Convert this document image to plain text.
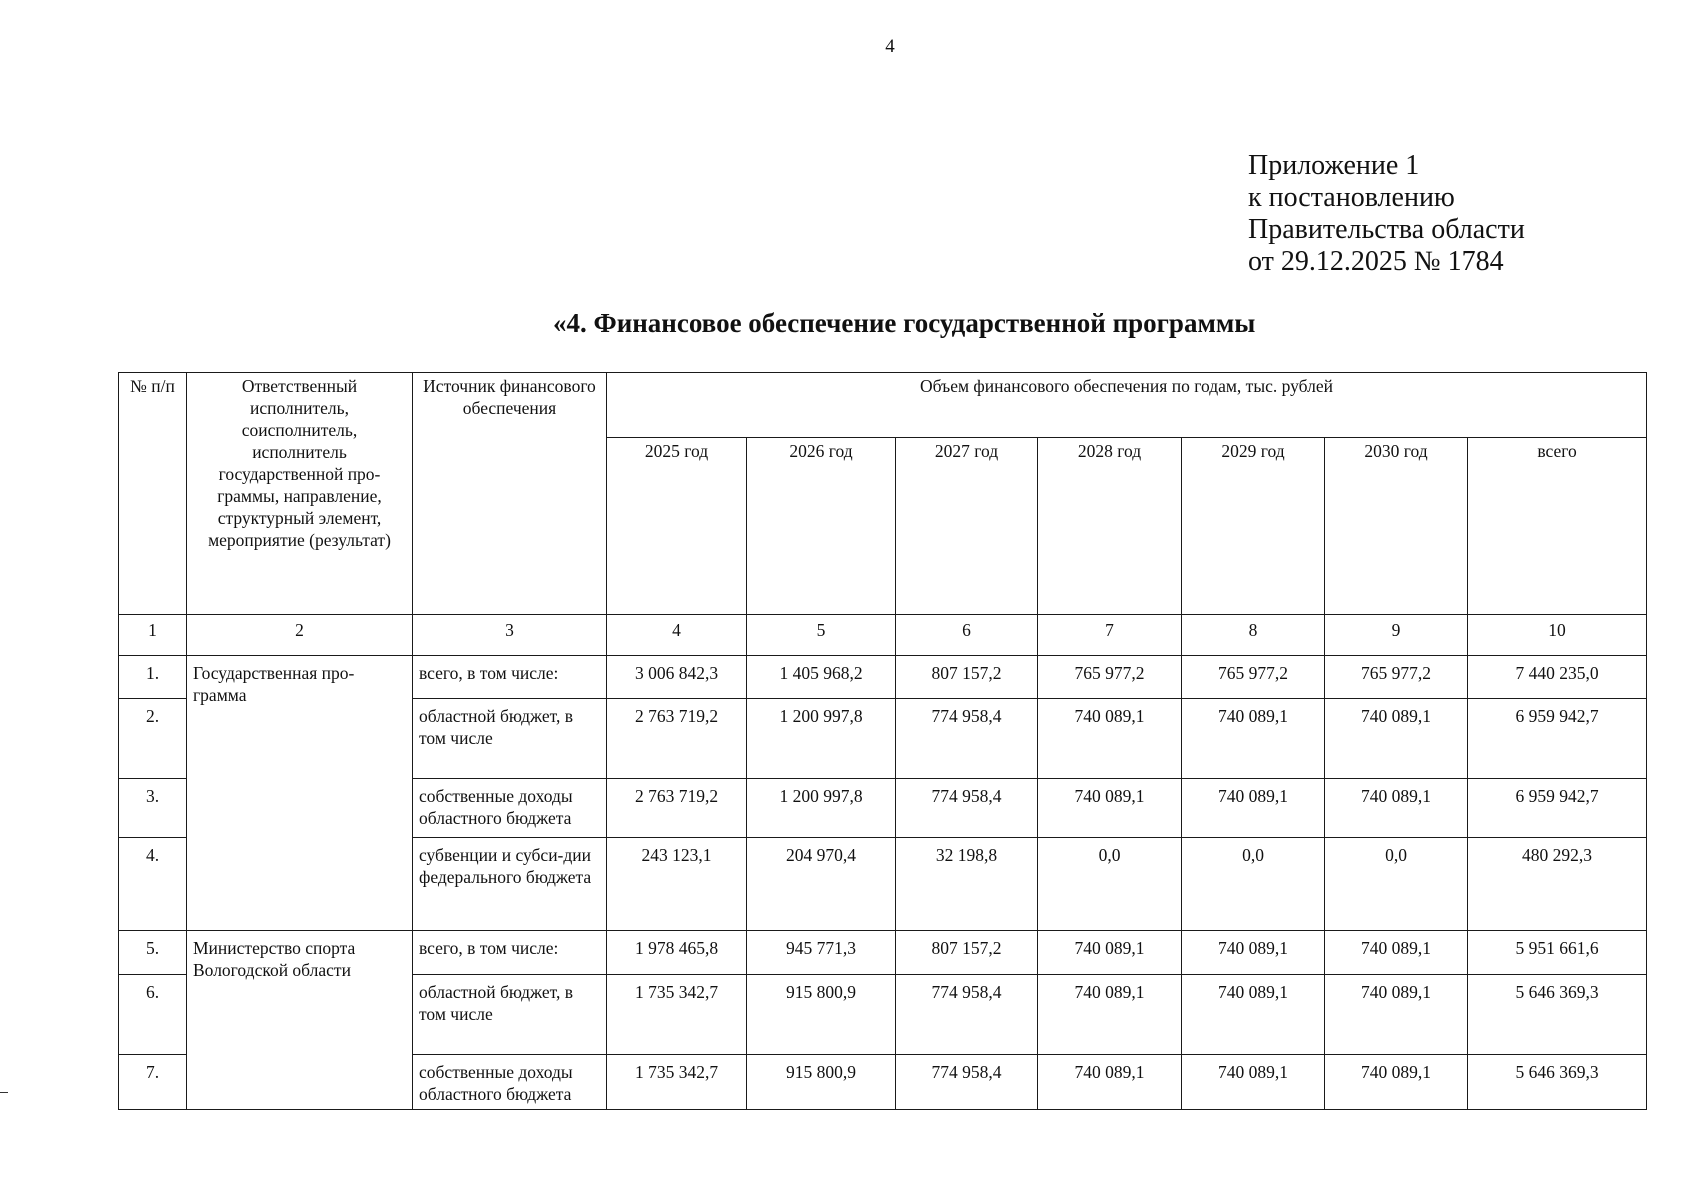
4
Приложение 1
к постановлению
Правительства области
от 29.12.2025 № 1784
«4. Финансовое обеспечение государственной программы
№ п/п	Ответственный исполнитель, соисполнитель, исполнитель государственной про-граммы, направление, структурный элемент, мероприятие (результат)	Источник финансового обеспечения	Объем финансового обеспечения по годам, тыс. рублей						
			2025 год	2026 год	2027 год	2028 год	2029 год	2030 год	всего
1	2	3	4	5	6	7	8	9	10
1.	Государственная про-грамма	всего, в том числе:	3 006 842,3	1 405 968,2	807 157,2	765 977,2	765 977,2	765 977,2	7 440 235,0
2.		областной бюджет, в том числе	2 763 719,2	1 200 997,8	774 958,4	740 089,1	740 089,1	740 089,1	6 959 942,7
3.		собственные доходы областного бюджета	2 763 719,2	1 200 997,8	774 958,4	740 089,1	740 089,1	740 089,1	6 959 942,7
4.		субвенции и субси-дии федерального бюджета	243 123,1	204 970,4	32 198,8	0,0	0,0	0,0	480 292,3
5.	Министерство спорта Вологодской области	всего, в том числе:	1 978 465,8	945 771,3	807 157,2	740 089,1	740 089,1	740 089,1	5 951 661,6
6.		областной бюджет, в том числе	1 735 342,7	915 800,9	774 958,4	740 089,1	740 089,1	740 089,1	5 646 369,3
7.		собственные доходы областного бюджета	1 735 342,7	915 800,9	774 958,4	740 089,1	740 089,1	740 089,1	5 646 369,3
